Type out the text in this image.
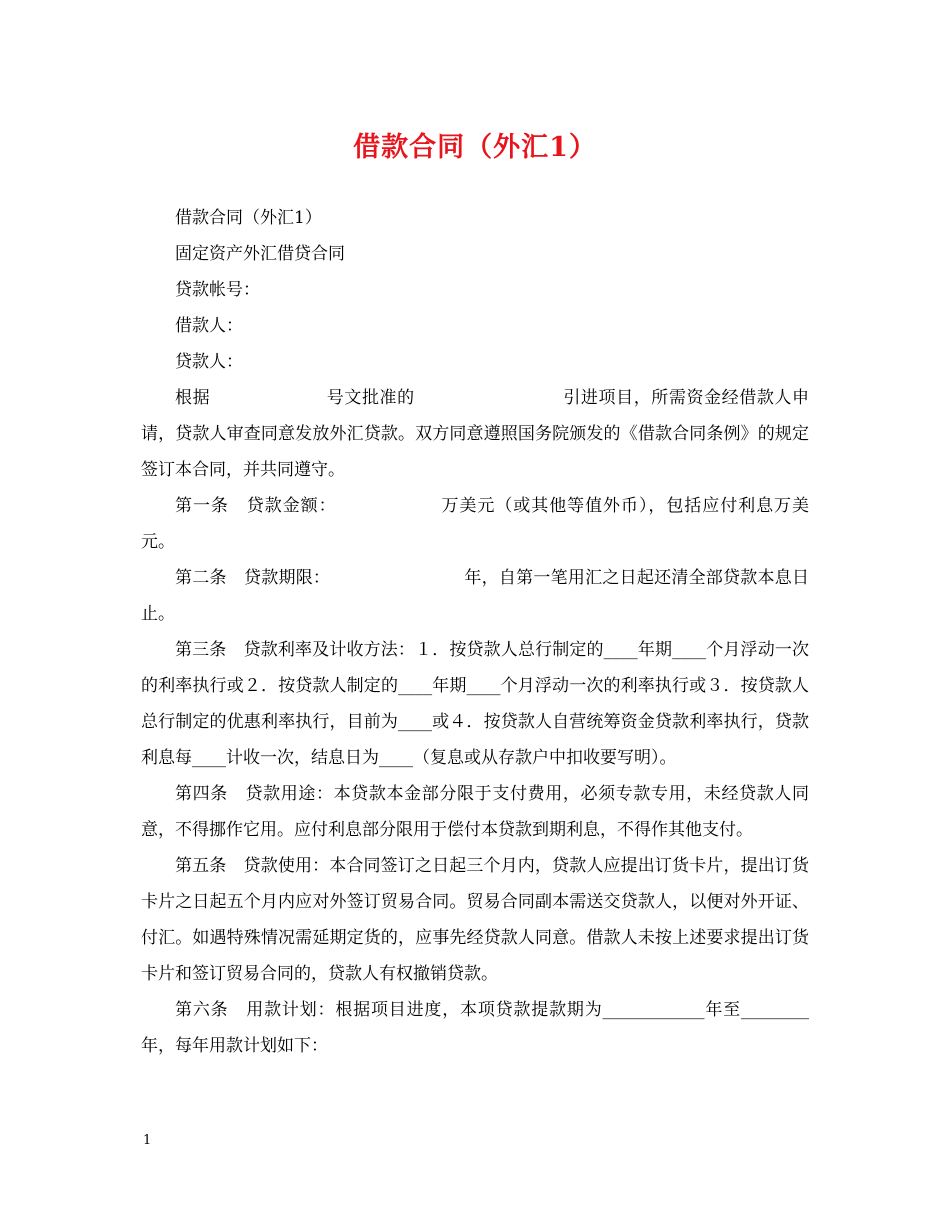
借款合同（外汇1）

借款合同（外汇1）

固定资产外汇借贷合同

贷款帐号：

借款人：

贷款人：

根据	号文批准的	引进项目，所需资金经借款人申请，贷款人审查同意发放外汇贷款。双方同意遵照国务院颁发的《借款合同条例》的规定签订本合同，并共同遵守。

第一条　贷款金额：	万美元（或其他等值外币），包括应付利息万美元。

第二条　贷款期限：	年，自第一笔用汇之日起还清全部贷款本息日止。

第三条　贷款利率及计收方法：１．按贷款人总行制定的____年期____个月浮动一次的利率执行或２．按贷款人制定的____年期____个月浮动一次的利率执行或３．按贷款人总行制定的优惠利率执行，目前为____或４．按贷款人自营统筹资金贷款利率执行，贷款利息每____计收一次，结息日为____（复息或从存款户中扣收要写明）。

第四条　贷款用途：本贷款本金部分限于支付费用，必须专款专用，未经贷款人同意，不得挪作它用。应付利息部分限用于偿付本贷款到期利息，不得作其他支付。

第五条　贷款使用：本合同签订之日起三个月内，贷款人应提出订货卡片，提出订货卡片之日起五个月内应对外签订贸易合同。贸易合同副本需送交贷款人，以便对外开证、付汇。如遇特殊情况需延期定货的，应事先经贷款人同意。借款人未按上述要求提出订货卡片和签订贸易合同的，贷款人有权撤销贷款。

第六条　用款计划：根据项目进度，本项贷款提款期为____________年至________年，每年用款计划如下：

1
